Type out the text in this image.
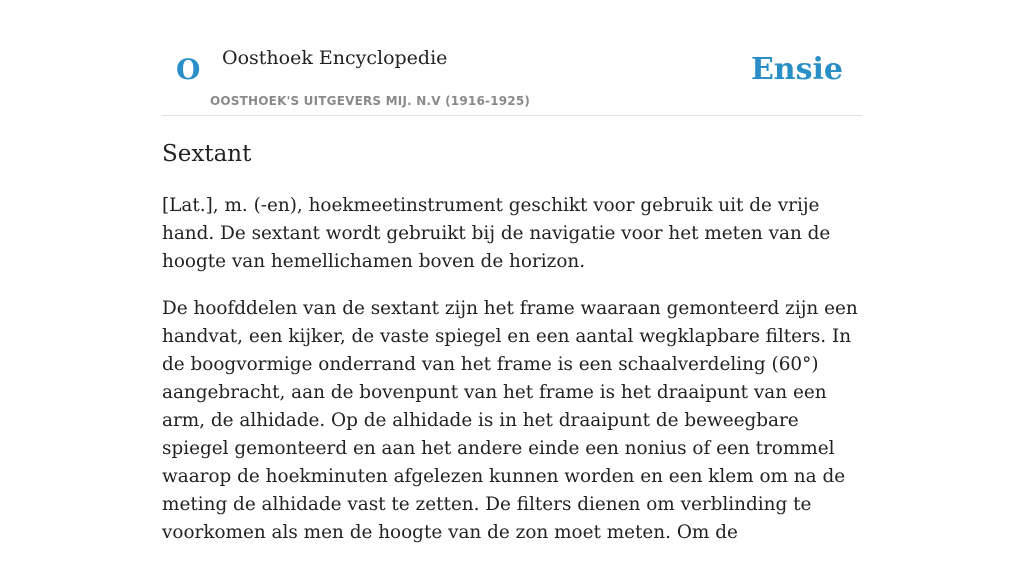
O Oosthoek Encyclopedie
OOSTHOEK'S UITGEVERS MIJ. N.V (1916-1925)
Ensie
Sextant

[Lat.], m. (-en), hoekmeetinstrument geschikt voor gebruik uit de vrije hand. De sextant wordt gebruikt bij de navigatie voor het meten van de hoogte van hemellichamen boven de horizon.

De hoofddelen van de sextant zijn het frame waaraan gemonteerd zijn een handvat, een kijker, de vaste spiegel en een aantal wegklapbare filters. In de boogvormige onderrand van het frame is een schaalverdeling (60°) aangebracht, aan de bovenpunt van het frame is het draaipunt van een arm, de alhidade. Op de alhidade is in het draaipunt de beweegbare spiegel gemonteerd en aan het andere einde een nonius of een trommel waarop de hoekminuten afgelezen kunnen worden en een klem om na de meting de alhidade vast te zetten. De filters dienen om verblinding te voorkomen als men de hoogte van de zon moet meten. Om de
